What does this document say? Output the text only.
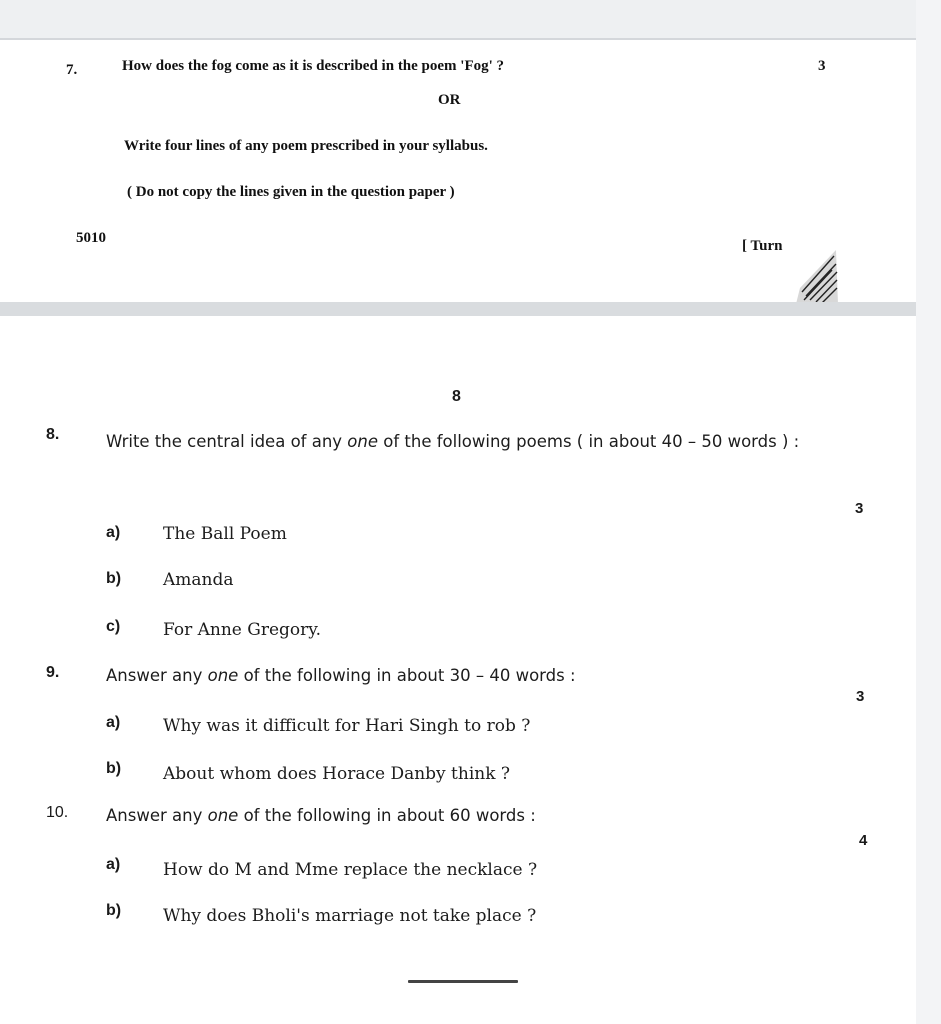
7.	How does the fog come as it is described in the poem 'Fog' ?	3
OR
Write four lines of any poem prescribed in your syllabus.
( Do not copy the lines given in the question paper )
5010	[ Turn
8
8.	Write the central idea of any one of the following poems ( in about 40 – 50 words ) :
3
a)	The Ball Poem
b) Amanda
c)	For Anne Gregory.
9.	Answer any one of the following in about 30 – 40 words :
3
a)	Why was it difficult for Hari Singh to rob ?
b) About whom does Horace Danby think ?
10. Answer any one of the following in about 60 words :
4
a)	How do M and Mme replace the necklace ?
b) Why does Bholi's marriage not take place ?
